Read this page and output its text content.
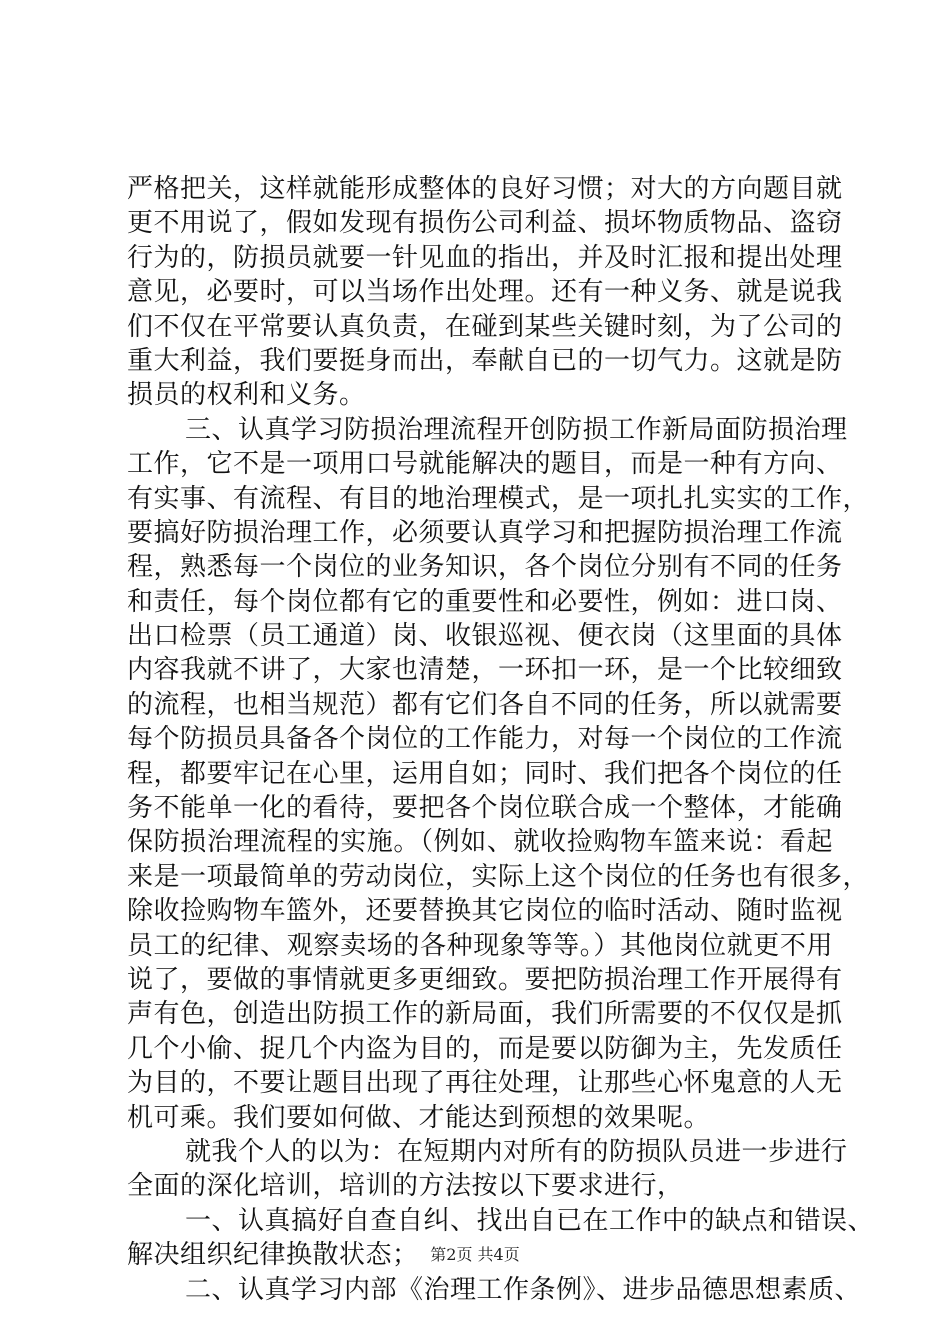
严格把关，这样就能形成整体的良好习惯；对大的方向题目就
更不用说了，假如发现有损伤公司利益、损坏物质物品、盗窃
行为的，防损员就要一针见血的指出，并及时汇报和提出处理
意见，必要时，可以当场作出处理。还有一种义务、就是说我
们不仅在平常要认真负责，在碰到某些关键时刻，为了公司的
重大利益，我们要挺身而出，奉献自已的一切气力。这就是防
损员的权利和义务。
三、认真学习防损治理流程开创防损工作新局面防损治理
工作，它不是一项用口号就能解决的题目，而是一种有方向、
有实事、有流程、有目的地治理模式，是一项扎扎实实的工作，
要搞好防损治理工作，必须要认真学习和把握防损治理工作流
程，熟悉每一个岗位的业务知识，各个岗位分别有不同的任务
和责任，每个岗位都有它的重要性和必要性，例如：进口岗、
出口检票（员工通道）岗、收银巡视、便衣岗（这里面的具体
内容我就不讲了，大家也清楚，一环扣一环，是一个比较细致
的流程，也相当规范）都有它们各自不同的任务，所以就需要
每个防损员具备各个岗位的工作能力，对每一个岗位的工作流
程，都要牢记在心里，运用自如；同时、我们把各个岗位的任
务不能单一化的看待，要把各个岗位联合成一个整体，才能确
保防损治理流程的实施。（例如、就收捡购物车篮来说：看起
来是一项最简单的劳动岗位，实际上这个岗位的任务也有很多，
除收捡购物车篮外，还要替换其它岗位的临时活动、随时监视
员工的纪律、观察卖场的各种现象等等。）其他岗位就更不用
说了，要做的事情就更多更细致。要把防损治理工作开展得有
声有色，创造出防损工作的新局面，我们所需要的不仅仅是抓
几个小偷、捉几个内盗为目的，而是要以防御为主，先发质任
为目的，不要让题目出现了再往处理，让那些心怀鬼意的人无
机可乘。我们要如何做、才能达到预想的效果呢。
就我个人的以为：在短期内对所有的防损队员进一步进行
全面的深化培训，培训的方法按以下要求进行，
一、认真搞好自查自纠、找出自已在工作中的缺点和错误、
解决组织纪律换散状态；
二、认真学习内部《治理工作条例》、进步品德思想素质、
第2页 共4页
